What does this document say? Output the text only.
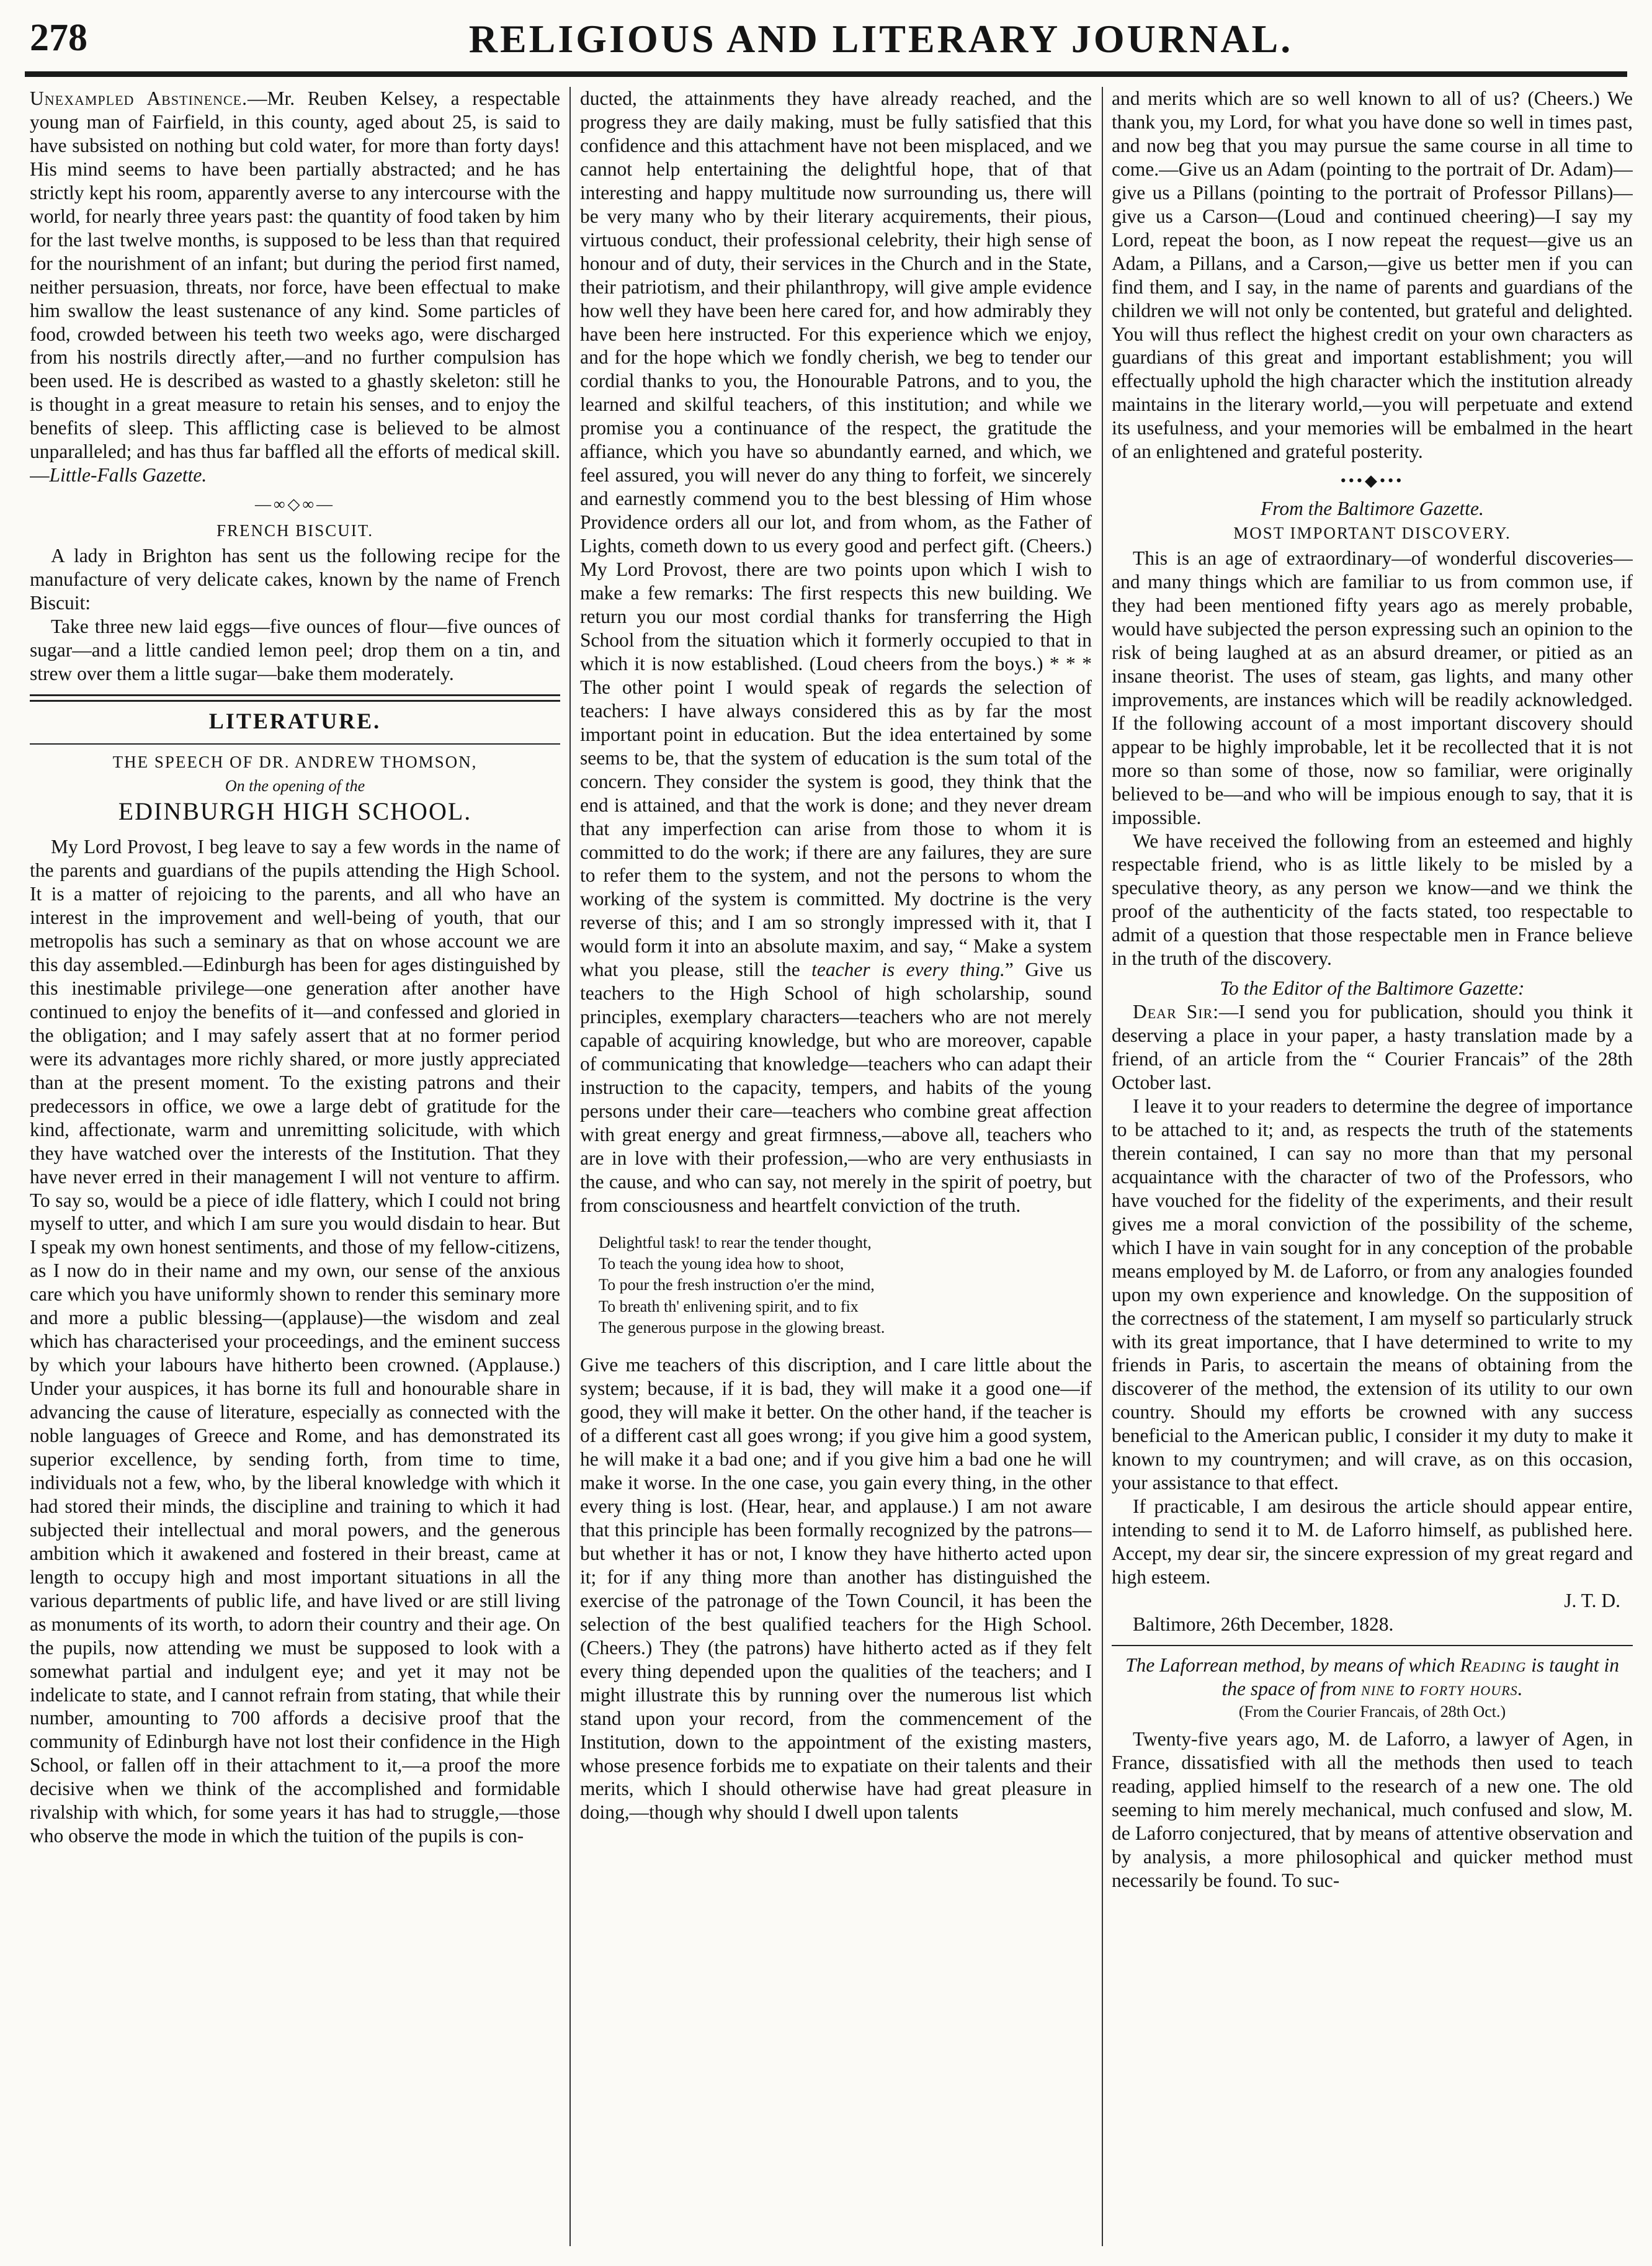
278	RELIGIOUS AND LITERARY JOURNAL.

Unexampled Abstinence.—Mr. Reuben Kelsey, a respectable young man of Fairfield, in this county, aged about 25, is said to have subsisted on nothing but cold water, for more than forty days! His mind seems to have been partially abstracted; and he has strictly kept his room, apparently averse to any intercourse with the world, for nearly three years past: the quantity of food taken by him for the last twelve months, is supposed to be less than that required for the nourishment of an infant; but during the period first named, neither persuasion, threats, nor force, have been effectual to make him swallow the least sustenance of any kind. Some particles of food, crowded between his teeth two weeks ago, were discharged from his nostrils directly after,—and no further compulsion has been used. He is described as wasted to a ghastly skeleton: still he is thought in a great measure to retain his senses, and to enjoy the benefits of sleep. This afflicting case is believed to be almost unparalleled; and has thus far baffled all the efforts of medical skill.—Little-Falls Gazette.

—∞◇∞—
FRENCH BISCUIT.

A lady in Brighton has sent us the following recipe for the manufacture of very delicate cakes, known by the name of French Biscuit:

Take three new laid eggs—five ounces of flour—five ounces of sugar—and a little candied lemon peel; drop them on a tin, and strew over them a little sugar—bake them moderately.

LITERATURE.
THE SPEECH OF DR. ANDREW THOMSON,
On the opening of the
EDINBURGH HIGH SCHOOL.

My Lord Provost, I beg leave to say a few words in the name of the parents and guardians of the pupils attending the High School. It is a matter of rejoicing to the parents, and all who have an interest in the improvement and well-being of youth, that our metropolis has such a seminary as that on whose account we are this day assembled.—Edinburgh has been for ages distinguished by this inestimable privilege—one generation after another have continued to enjoy the benefits of it—and confessed and gloried in the obligation; and I may safely assert that at no former period were its advantages more richly shared, or more justly appreciated than at the present moment. To the existing patrons and their predecessors in office, we owe a large debt of gratitude for the kind, affectionate, warm and unremitting solicitude, with which they have watched over the interests of the Institution. That they have never erred in their management I will not venture to affirm. To say so, would be a piece of idle flattery, which I could not bring myself to utter, and which I am sure you would disdain to hear. But I speak my own honest sentiments, and those of my fellow-citizens, as I now do in their name and my own, our sense of the anxious care which you have uniformly shown to render this seminary more and more a public blessing—(applause)—the wisdom and zeal which has characterised your proceedings, and the eminent success by which your labours have hitherto been crowned. (Applause.) Under your auspices, it has borne its full and honourable share in advancing the cause of literature, especially as connected with the noble languages of Greece and Rome, and has demonstrated its superior excellence, by sending forth, from time to time, individuals not a few, who, by the liberal knowledge with which it had stored their minds, the discipline and training to which it had subjected their intellectual and moral powers, and the generous ambition which it awakened and fostered in their breast, came at length to occupy high and most important situations in all the various departments of public life, and have lived or are still living as monuments of its worth, to adorn their country and their age. On the pupils, now attending we must be supposed to look with a somewhat partial and indulgent eye; and yet it may not be indelicate to state, and I cannot refrain from stating, that while their number, amounting to 700 affords a decisive proof that the community of Edinburgh have not lost their confidence in the High School, or fallen off in their attachment to it,—a proof the more decisive when we think of the accomplished and formidable rivalship with which, for some years it has had to struggle,—those who observe the mode in which the tuition of the pupils is con-

ducted, the attainments they have already reached, and the progress they are daily making, must be fully satisfied that this confidence and this attachment have not been misplaced, and we cannot help entertaining the delightful hope, that of that interesting and happy multitude now surrounding us, there will be very many who by their literary acquirements, their pious, virtuous conduct, their professional celebrity, their high sense of honour and of duty, their services in the Church and in the State, their patriotism, and their philanthropy, will give ample evidence how well they have been here cared for, and how admirably they have been here instructed. For this experience which we enjoy, and for the hope which we fondly cherish, we beg to tender our cordial thanks to you, the Honourable Patrons, and to you, the learned and skilful teachers, of this institution; and while we promise you a continuance of the respect, the gratitude the affiance, which you have so abundantly earned, and which, we feel assured, you will never do any thing to forfeit, we sincerely and earnestly commend you to the best blessing of Him whose Providence orders all our lot, and from whom, as the Father of Lights, cometh down to us every good and perfect gift. (Cheers.) My Lord Provost, there are two points upon which I wish to make a few remarks: The first respects this new building. We return you our most cordial thanks for transferring the High School from the situation which it formerly occupied to that in which it is now established. (Loud cheers from the boys.) * * * The other point I would speak of regards the selection of teachers: I have always considered this as by far the most important point in education. But the idea entertained by some seems to be, that the system of education is the sum total of the concern. They consider the system is good, they think that the end is attained, and that the work is done; and they never dream that any imperfection can arise from those to whom it is committed to do the work; if there are any failures, they are sure to refer them to the system, and not the persons to whom the working of the system is committed. My doctrine is the very reverse of this; and I am so strongly impressed with it, that I would form it into an absolute maxim, and say, “ Make a system what you please, still the teacher is every thing.” Give us teachers to the High School of high scholarship, sound principles, exemplary characters—teachers who are not merely capable of acquiring knowledge, but who are moreover, capable of communicating that knowledge—teachers who can adapt their instruction to the capacity, tempers, and habits of the young persons under their care—teachers who combine great affection with great energy and great firmness,—above all, teachers who are in love with their profession,—who are very enthusiasts in the cause, and who can say, not merely in the spirit of poetry, but from consciousness and heartfelt conviction of the truth.

Delightful task! to rear the tender thought,
To teach the young idea how to shoot,
To pour the fresh instruction o'er the mind,
To breath th' enlivening spirit, and to fix
The generous purpose in the glowing breast.

Give me teachers of this discription, and I care little about the system; because, if it is bad, they will make it a good one—if good, they will make it better. On the other hand, if the teacher is of a different cast all goes wrong; if you give him a good system, he will make it a bad one; and if you give him a bad one he will make it worse. In the one case, you gain every thing, in the other every thing is lost. (Hear, hear, and applause.) I am not aware that this principle has been formally recognized by the patrons—but whether it has or not, I know they have hitherto acted upon it; for if any thing more than another has distinguished the exercise of the patronage of the Town Council, it has been the selection of the best qualified teachers for the High School. (Cheers.) They (the patrons) have hitherto acted as if they felt every thing depended upon the qualities of the teachers; and I might illustrate this by running over the numerous list which stand upon your record, from the commencement of the Institution, down to the appointment of the existing masters, whose presence forbids me to expatiate on their talents and their merits, which I should otherwise have had great pleasure in doing,—though why should I dwell upon talents

and merits which are so well known to all of us? (Cheers.) We thank you, my Lord, for what you have done so well in times past, and now beg that you may pursue the same course in all time to come.—Give us an Adam (pointing to the portrait of Dr. Adam)—give us a Pillans (pointing to the portrait of Professor Pillans)—give us a Carson—(Loud and continued cheering)—I say my Lord, repeat the boon, as I now repeat the request—give us an Adam, a Pillans, and a Carson,—give us better men if you can find them, and I say, in the name of parents and guardians of the children we will not only be contented, but grateful and delighted. You will thus reflect the highest credit on your own characters as guardians of this great and important establishment; you will effectually uphold the high character which the institution already maintains in the literary world,—you will perpetuate and extend its usefulness, and your memories will be embalmed in the heart of an enlightened and grateful posterity.

•••◆•••
From the Baltimore Gazette.
MOST IMPORTANT DISCOVERY.

This is an age of extraordinary—of wonderful discoveries—and many things which are familiar to us from common use, if they had been mentioned fifty years ago as merely probable, would have subjected the person expressing such an opinion to the risk of being laughed at as an absurd dreamer, or pitied as an insane theorist. The uses of steam, gas lights, and many other improvements, are instances which will be readily acknowledged. If the following account of a most important discovery should appear to be highly improbable, let it be recollected that it is not more so than some of those, now so familiar, were originally believed to be—and who will be impious enough to say, that it is impossible.

We have received the following from an esteemed and highly respectable friend, who is as little likely to be misled by a speculative theory, as any person we know—and we think the proof of the authenticity of the facts stated, too respectable to admit of a question that those respectable men in France believe in the truth of the discovery.

To the Editor of the Baltimore Gazette:

Dear Sir:—I send you for publication, should you think it deserving a place in your paper, a hasty translation made by a friend, of an article from the “ Courier Francais” of the 28th October last.

I leave it to your readers to determine the degree of importance to be attached to it; and, as respects the truth of the statements therein contained, I can say no more than that my personal acquaintance with the character of two of the Professors, who have vouched for the fidelity of the experiments, and their result gives me a moral conviction of the possibility of the scheme, which I have in vain sought for in any conception of the probable means employed by M. de Laforro, or from any analogies founded upon my own experience and knowledge. On the supposition of the correctness of the statement, I am myself so particularly struck with its great importance, that I have determined to write to my friends in Paris, to ascertain the means of obtaining from the discoverer of the method, the extension of its utility to our own country. Should my efforts be crowned with any success beneficial to the American public, I consider it my duty to make it known to my countrymen; and will crave, as on this occasion, your assistance to that effect.

If practicable, I am desirous the article should appear entire, intending to send it to M. de Laforro himself, as published here. Accept, my dear sir, the sincere expression of my great regard and high esteem.

J. T. D.

Baltimore, 26th December, 1828.

The Laforrean method, by means of which Reading is taught in the space of from nine to forty hours.
(From the Courier Francais, of 28th Oct.)

Twenty-five years ago, M. de Laforro, a lawyer of Agen, in France, dissatisfied with all the methods then used to teach reading, applied himself to the research of a new one. The old seeming to him merely mechanical, much confused and slow, M. de Laforro conjectured, that by means of attentive observation and by analysis, a more philosophical and quicker method must necessarily be found. To suc-
